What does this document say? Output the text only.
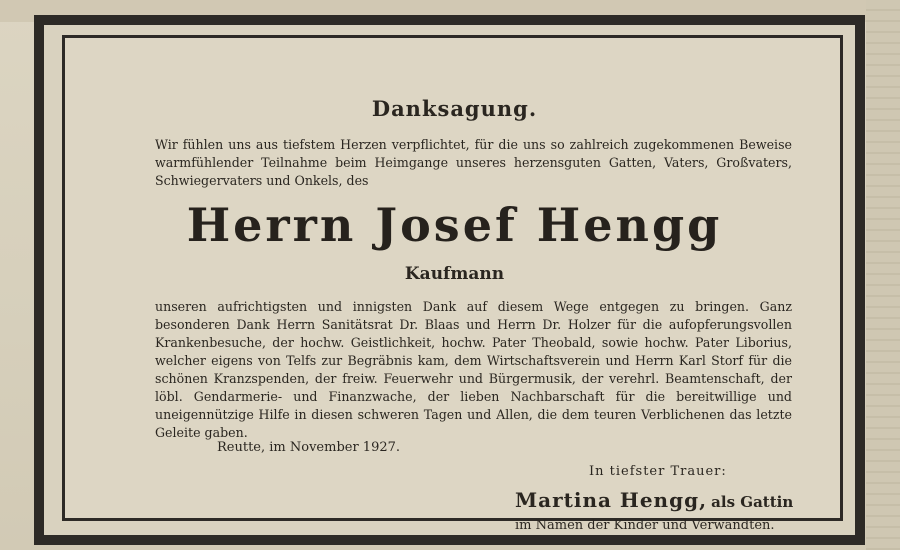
Danksagung.

Wir fühlen uns aus tiefstem Herzen verpflichtet, für die uns so zahlreich zugekommenen Beweise warmfühlender Teilnahme beim Heimgange unseres herzensguten Gatten, Vaters, Großvaters, Schwiegervaters und Onkels, des

Herrn Josef Hengg
Kaufmann

unseren aufrichtigsten und innigsten Dank auf diesem Wege entgegen zu bringen. Ganz besonderen Dank Herrn Sanitätsrat Dr. Blaas und Herrn Dr. Holzer für die aufopferungsvollen Krankenbesuche, der hochw. Geistlichkeit, hochw. Pater Theobald, sowie hochw. Pater Liborius, welcher eigens von Telfs zur Begräbnis kam, dem Wirtschaftsverein und Herrn Karl Storf für die schönen Kranzspenden, der freiw. Feuerwehr und Bürgermusik, der verehrl. Beamtenschaft, der löbl. Gendarmerie- und Finanzwache, der lieben Nachbarschaft für die bereitwillige und uneigennützige Hilfe in diesen schweren Tagen und Allen, die dem teuren Verblichenen das letzte Geleite gaben.

Reutte, im November 1927.
In tiefster Trauer:
Martina Hengg, als Gattin
im Namen der Kinder und Verwandten.
